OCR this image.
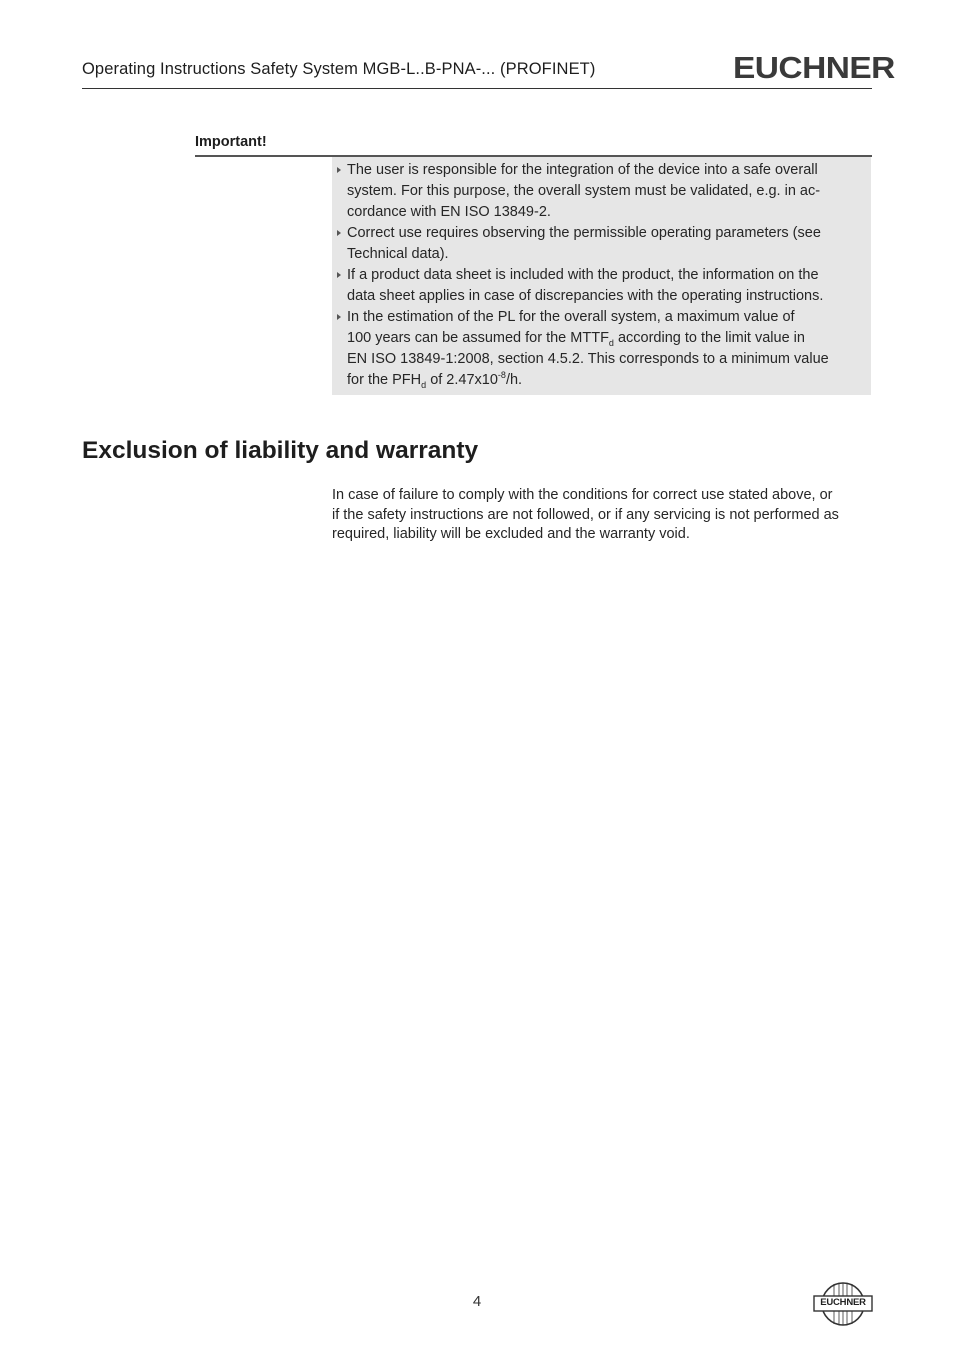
Operating Instructions Safety System MGB-L..B-PNA-... (PROFINET)	EUCHNER
Important!
The user is responsible for the integration of the device into a safe overall
system. For this purpose, the overall system must be validated, e.g. in ac-
cordance with EN ISO 13849-2.
Correct use requires observing the permissible operating parameters (see
Technical data).
If a product data sheet is included with the product, the information on the
data sheet applies in case of discrepancies with the operating instructions.
In the estimation of the PL for the overall system, a maximum value of
100 years can be assumed for the $MTTF_d$ according to the limit value in
EN ISO 13849-1:2008, section 4.5.2. This corresponds to a minimum value
for the $PFH_d$ of $2.47x10^{-8}/h$.
Exclusion of liability and warranty
In case of failure to comply with the conditions for correct use stated above, or
if the safety instructions are not followed, or if any servicing is not performed as
required, liability will be excluded and the warranty void.
4	EUCHNER
